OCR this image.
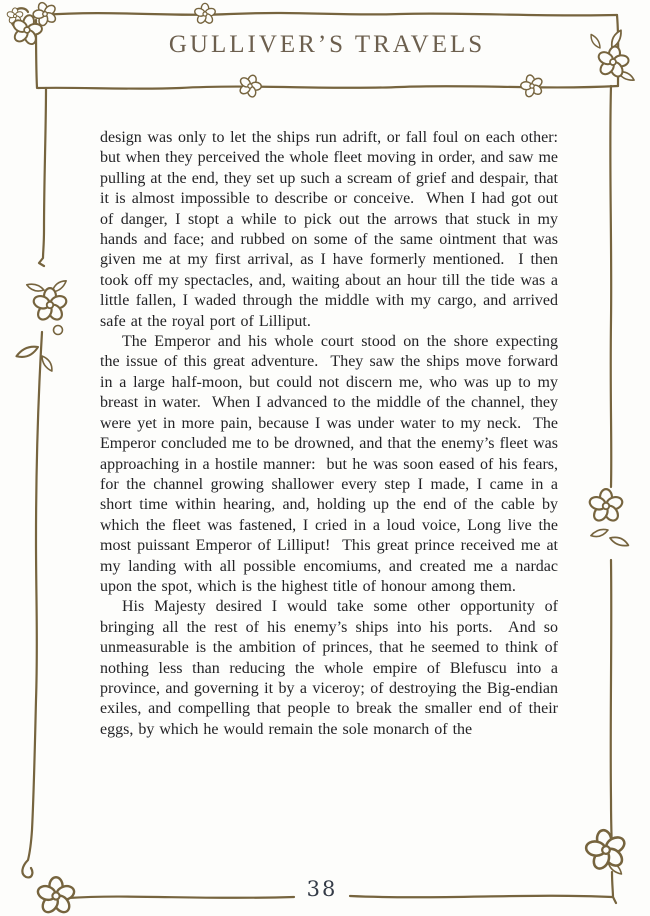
GULLIVER’S TRAVELS

design was only to let the ships run adrift, or fall foul on each other:  but when they perceived the whole fleet moving in order, and saw me pulling at the end, they set up such a scream of grief and despair, that it is almost impossible to describe or conceive.  When I had got out of danger, I stopt a while to pick out the arrows that stuck in my hands and face; and rubbed on some of the same ointment that was given me at my first arrival, as I have formerly mentioned.  I then took off my spectacles, and, waiting about an hour till the tide was a little fallen, I waded through the middle with my cargo, and arrived safe at the royal port of Lilliput.

The Emperor and his whole court stood on the shore expecting the issue of this great adventure.  They saw the ships move forward in a large half-moon, but could not discern me, who was up to my breast in water.  When I advanced to the middle of the channel, they were yet in more pain, because I was under water to my neck.  The Emperor concluded me to be drowned, and that the enemy’s fleet was approaching in a hostile manner:  but he was soon eased of his fears, for the channel growing shallower every step I made, I came in a short time within hearing, and, holding up the end of the cable by which the fleet was fastened, I cried in a loud voice, Long live the most puissant Emperor of Lilliput!  This great prince received me at my landing with all possible encomiums, and created me a nardac upon the spot, which is the highest title of honour among them.

His Majesty desired I would take some other opportunity of bringing all the rest of his enemy’s ships into his ports.  And so unmeasurable is the ambition of princes, that he seemed to think of nothing less than reducing the whole empire of Blefuscu into a province, and governing it by a viceroy; of destroying the Big-endian exiles, and compelling that people to break the smaller end of their eggs, by which he would remain the sole monarch of the

38
